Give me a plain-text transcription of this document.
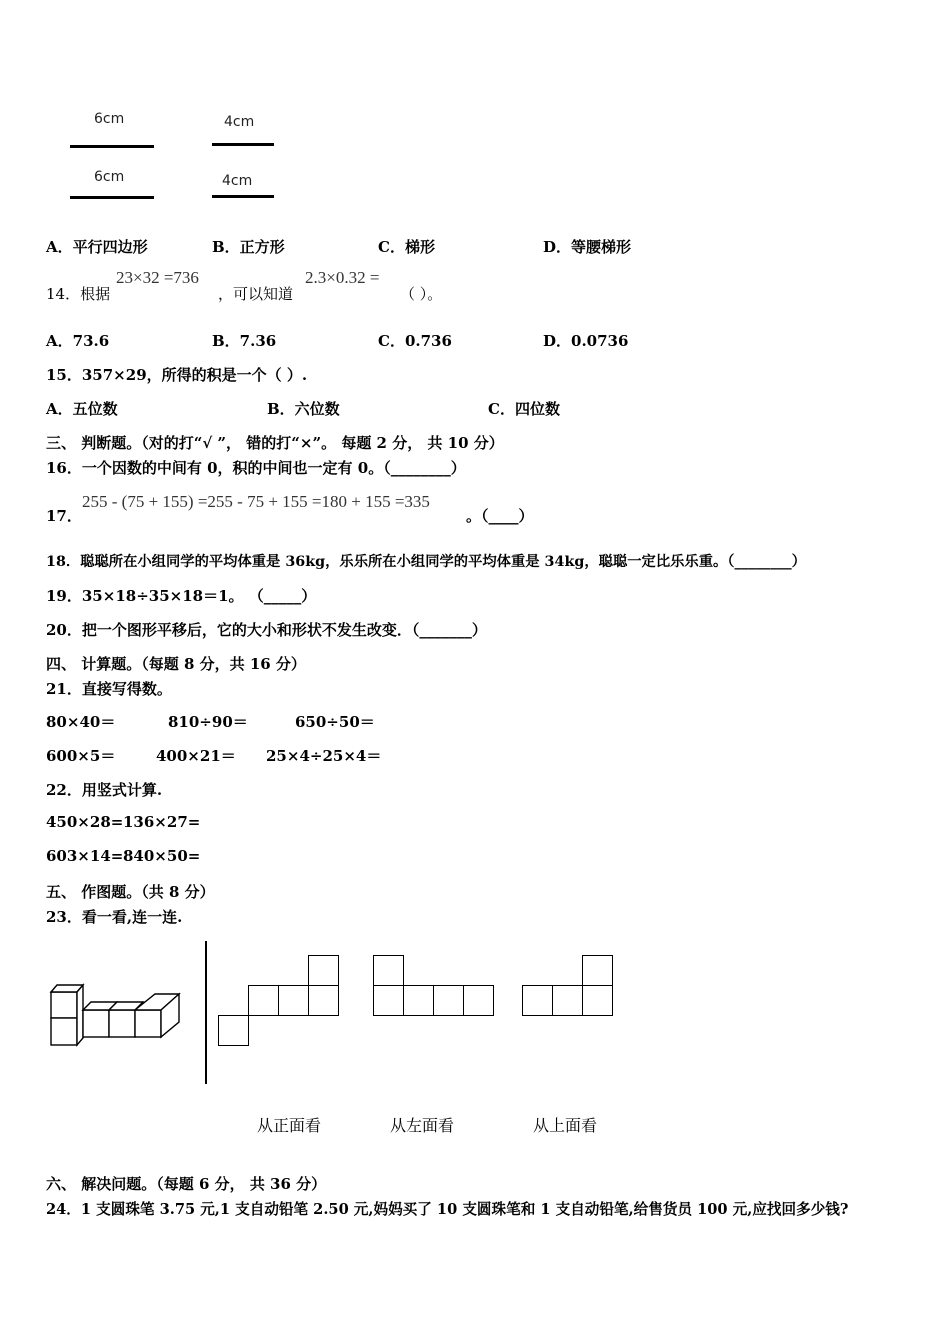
6cm
6cm
4cm
4cm
A．平行四边形	B．正方形	C．梯形	D．等腰梯形
14．根据
23×32 =736
，可以知道
2.3×0.32 =
（ ）。
A．73.6	B．7.36	C．0.736	D．0.0736
15．357×29，所得的积是一个（ ）.
A．五位数	B．六位数	C．四位数
三、 判断题。（对的打“√ ”， 错的打“×”。 每题 2 分， 共 10 分）
16．一个因数的中间有 0，积的中间也一定有 0。（________）
17．
255 - (75 + 155) =255 - 75 + 155 =180 + 155 =335
。（____）
18．聪聪所在小组同学的平均体重是 36kg，乐乐所在小组同学的平均体重是 34kg，聪聪一定比乐乐重。（________）
19．35×18÷35×18＝1。 （_____）
20．把一个图形平移后，它的大小和形状不发生改变．（_______）
四、 计算题。（每题 8 分，共 16 分）
21．直接写得数。
80×40＝	810÷90＝	650÷50＝
600×5＝	400×21＝ 25×4÷25×4＝
22．用竖式计算.
450×28= 136×27=
603×14= 840×50=
五、 作图题。（共 8 分）
23．看一看,连一连.
从正面看	从左面看	从上面看
六、 解决问题。（每题 6 分， 共 36 分）
24．1 支圆珠笔 3.75 元,1 支自动铅笔 2.50 元,妈妈买了 10 支圆珠笔和 1 支自动铅笔,给售货员 100 元,应找回多少钱?
